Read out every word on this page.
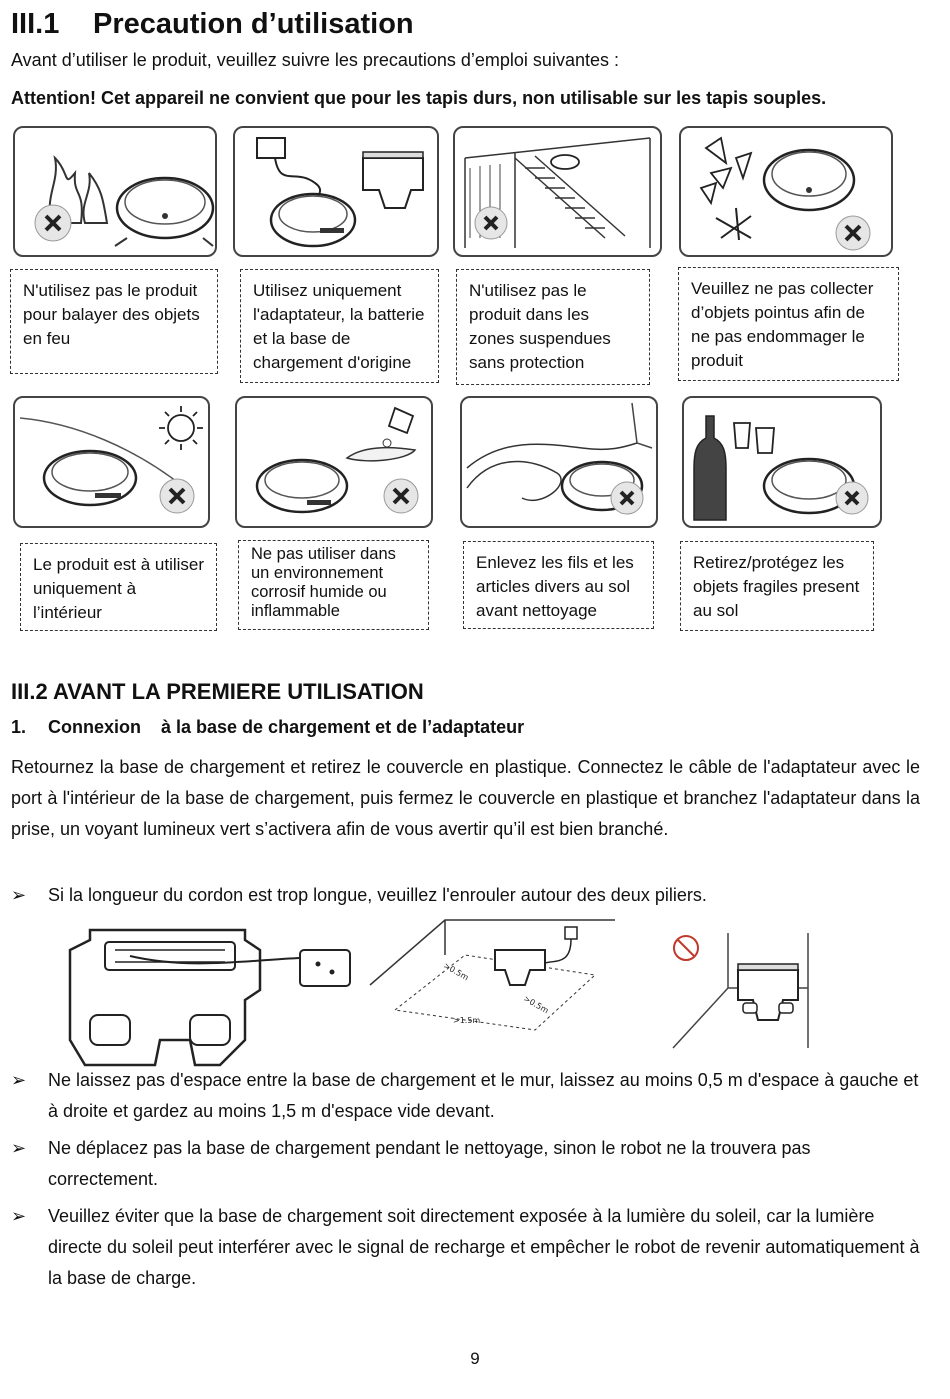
III.1 Precaution d’utilisation
Avant d’utiliser le produit, veuillez suivre les precautions d’emploi suivantes :
Attention! Cet appareil ne convient que pour les tapis durs, non utilisable sur les tapis souples.
N'utilisez pas le produit pour balayer des objets en feu
Utilisez uniquement l'adaptateur, la batterie et la base de chargement d'origine
N'utilisez pas le produit dans les zones suspendues sans protection
Veuillez ne pas collecter d’objets pointus afin de ne pas endommager le produit
Le produit est à utiliser uniquement à l’intérieur
Ne pas utiliser dans un environnement corrosif humide ou inflammable
Enlevez les fils et les articles divers au sol avant nettoyage
Retirez/protégez les objets fragiles present au sol
III.2 AVANT LA PREMIERE UTILISATION
1. Connexion    à la base de chargement et de l’adaptateur
Retournez la base de chargement et retirez le couvercle en plastique. Connectez le câble de l'adaptateur avec le port à l'intérieur de la base de chargement, puis fermez le couvercle en plastique et branchez l'adaptateur dans la prise, un voyant lumineux vert s’activera afin de vous avertir qu’il est bien branché.
➢	Si la longueur du cordon est trop longue, veuillez l'enrouler autour des deux piliers.
>0.5m
>0.5m
>1.5m
➢	Ne laissez pas d'espace entre la base de chargement et le mur, laissez au moins 0,5 m d'espace à gauche et à droite et gardez au moins 1,5 m d'espace vide devant.
➢	Ne déplacez pas la base de chargement pendant le nettoyage, sinon le robot ne la trouvera pas correctement.
➢	Veuillez éviter que la base de chargement soit directement exposée à la lumière du soleil, car la lumière directe du soleil peut interférer avec le signal de recharge et empêcher le robot de revenir automatiquement à la base de charge.
9
